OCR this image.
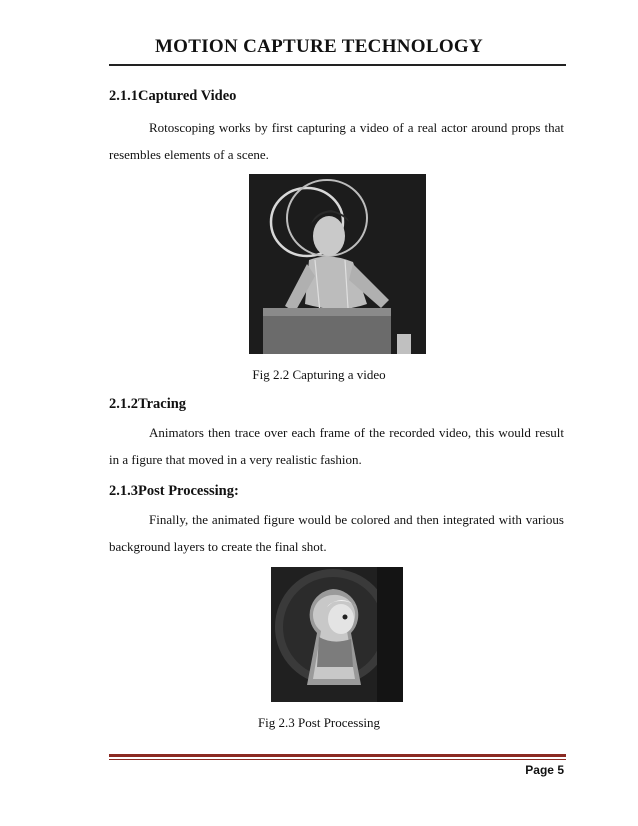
MOTION CAPTURE TECHNOLOGY
2.1.1Captured Video
Rotoscoping works by first capturing a video of a real actor around props that resembles elements of a scene.
Fig 2.2 Capturing a video
2.1.2Tracing
Animators then trace over each frame of the recorded video, this would result in a figure that moved in a very realistic fashion.
2.1.3Post Processing:
Finally, the animated figure would be colored and then integrated with various background layers to create the final shot.
Fig 2.3 Post Processing
Page 5
